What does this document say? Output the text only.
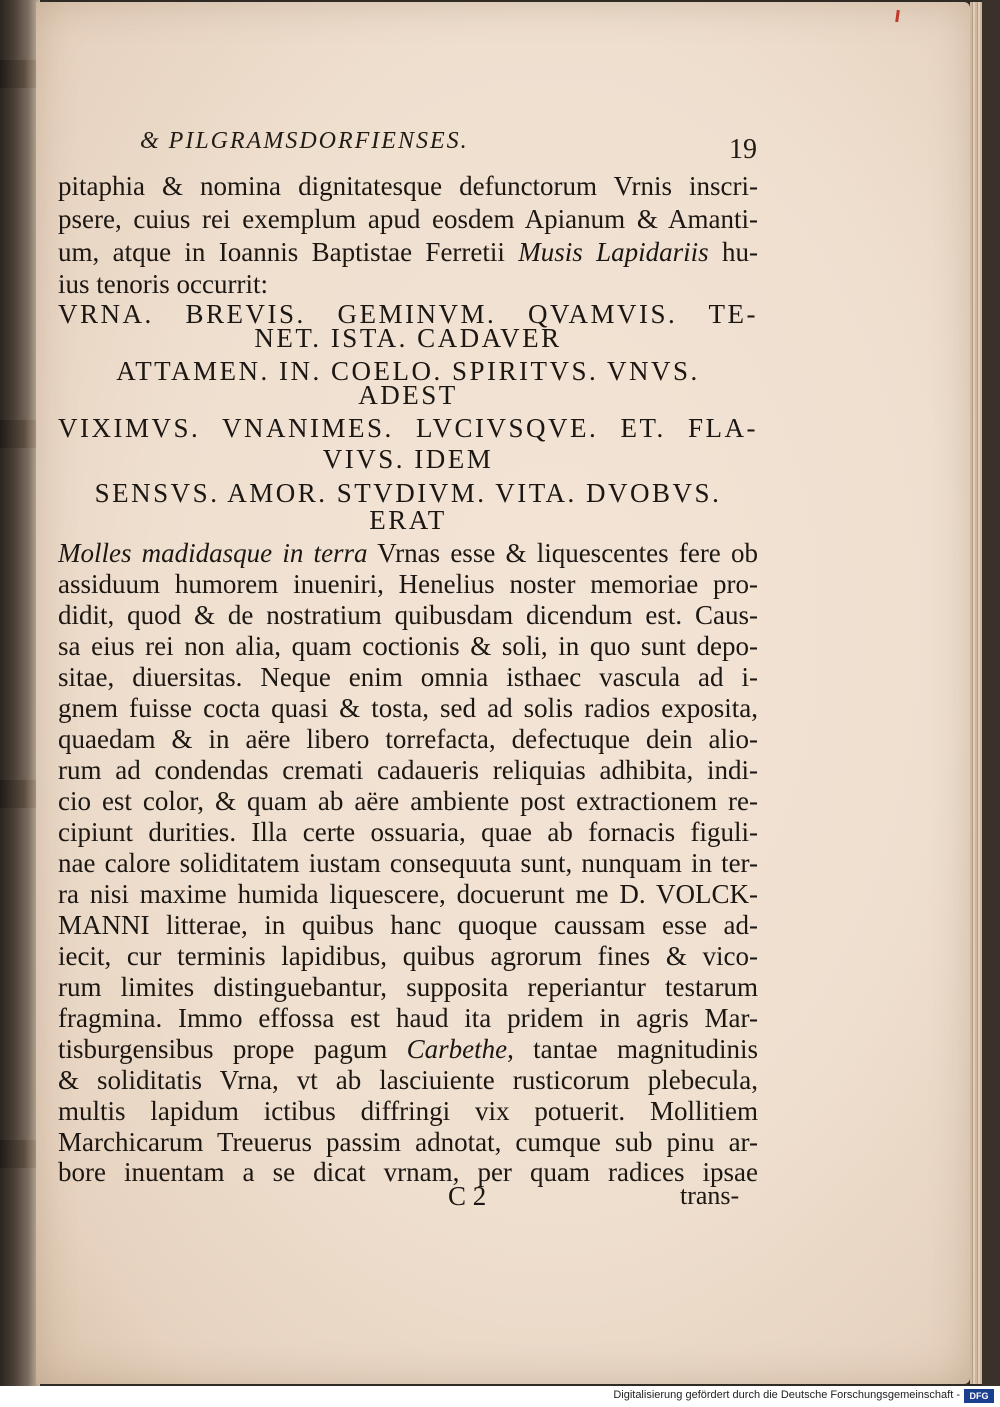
& PILGRAMSDORFIENSES.	19
pitaphia & nomina dignitatesque defunctorum Vrnis inscri-
psere, cuius rei exemplum apud eosdem Apianum & Amanti-
um, atque in Ioannis Baptistae Ferretii Musis Lapidariis hu-
ius tenoris occurrit:
VRNA. BREVIS. GEMINVM. QVAMVIS. TE-
NET. ISTA. CADAVER
ATTAMEN. IN. COELO. SPIRITVS. VNVS.
ADEST
VIXIMVS. VNANIMES. LVCIVSQVE. ET. FLA-
VIVS. IDEM
SENSVS. AMOR. STVDIVM. VITA. DVOBVS.
ERAT
Molles madidasque in terra Vrnas esse & liquescentes fere ob
assiduum humorem inueniri, Henelius noster memoriae pro-
didit, quod & de nostratium quibusdam dicendum est. Caus-
sa eius rei non alia, quam coctionis & soli, in quo sunt depo-
sitae, diuersitas. Neque enim omnia isthaec vascula ad i-
gnem fuisse cocta quasi & tosta, sed ad solis radios exposita,
quaedam & in aëre libero torrefacta, defectuque dein alio-
rum ad condendas cremati cadaueris reliquias adhibita, indi-
cio est color, & quam ab aëre ambiente post extractionem re-
cipiunt durities. Illa certe ossuaria, quae ab fornacis figuli-
nae calore soliditatem iustam consequuta sunt, nunquam in ter-
ra nisi maxime humida liquescere, docuerunt me D. VOLCK-
MANNI litterae, in quibus hanc quoque caussam esse ad-
iecit, cur terminis lapidibus, quibus agrorum fines & vico-
rum limites distinguebantur, supposita reperiantur testarum
fragmina. Immo effossa est haud ita pridem in agris Mar-
tisburgensibus prope pagum Carbethe, tantae magnitudinis
& soliditatis Vrna, vt ab lasciuiente rusticorum plebecula,
multis lapidum ictibus diffringi vix potuerit. Mollitiem
Marchicarum Treuerus passim adnotat, cumque sub pinu ar-
bore inuentam a se dicat vrnam, per quam radices ipsae
C 2	trans-
Digitalisierung gefördert durch die Deutsche Forschungsgemeinschaft -	DFG
